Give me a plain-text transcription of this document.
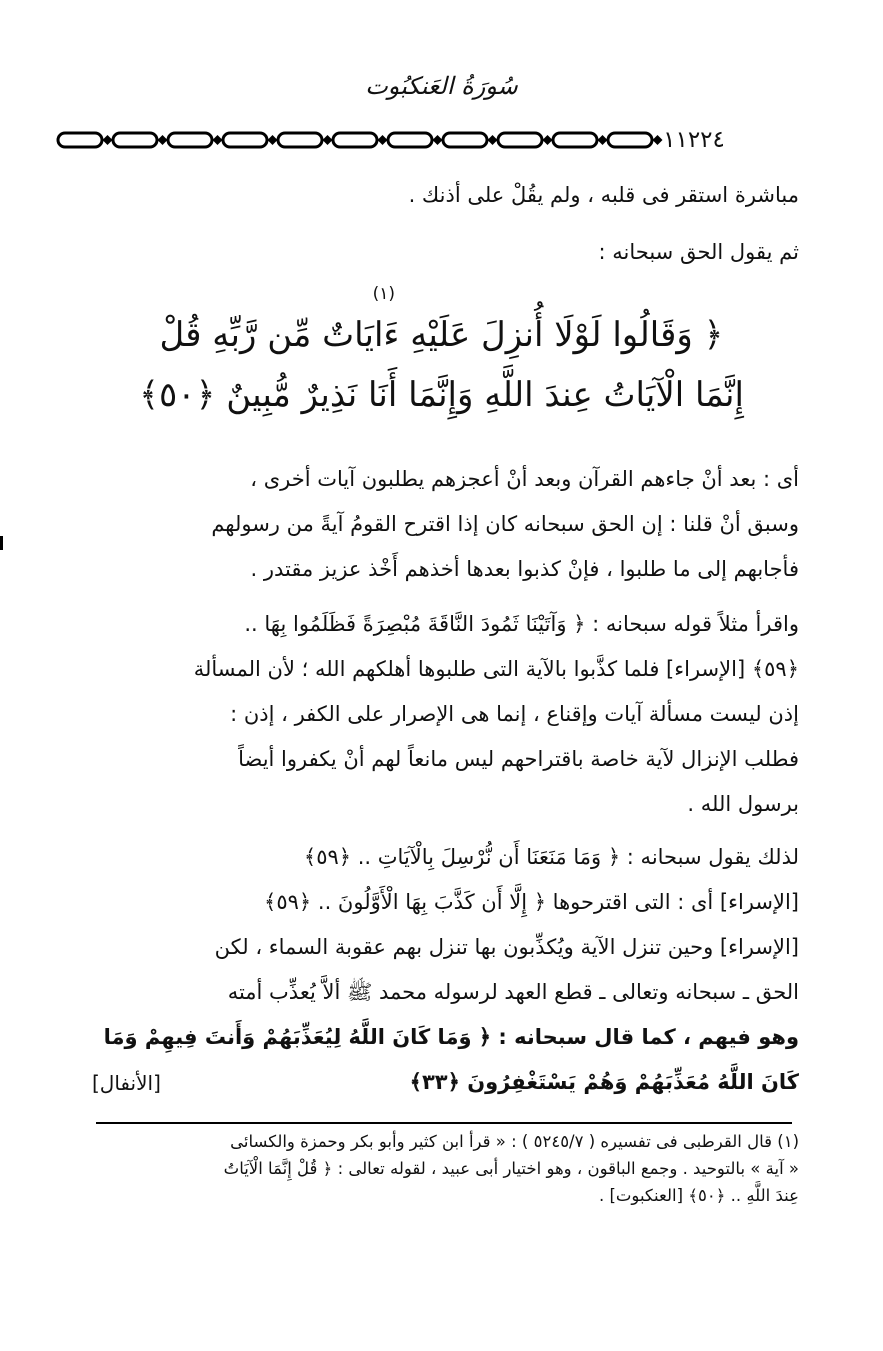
سُورَةُ العَنكبُوت
١١٢٢٤
مباشرة استقر فى قلبه ، ولم يقُلْ على أذنك .
ثم يقول الحق سبحانه :
(١)
﴿ وَقَالُوا لَوْلَا أُنزِلَ عَلَيْهِ ءَايَاتٌ مِّن رَّبِّهِ قُلْ
إِنَّمَا الْآيَاتُ عِندَ اللَّهِ وَإِنَّمَا أَنَا نَذِيرٌ مُّبِينٌ ﴿٥٠﴾
أى : بعد أنْ جاءهم القرآن وبعد أنْ أعجزهم يطلبون آيات أخرى ،
وسبق أنْ قلنا : إن الحق سبحانه كان إذا اقترح القومُ آيةً من رسولهم
فأجابهم إلى ما طلبوا ، فإنْ كذبوا بعدها أخذهم أَخْذ عزيز مقتدر .
واقرأ مثلاً قوله سبحانه : ﴿ وَآتَيْنَا ثَمُودَ النَّاقَةَ مُبْصِرَةً فَظَلَمُوا بِهَا ..
﴿٥٩﴾ [الإسراء] فلما كذَّبوا بالآية التى طلبوها أهلكهم الله ؛ لأن المسألة
إذن ليست مسألة آيات وإقناع ، إنما هى الإصرار على الكفر ، إذن :
فطلب الإنزال لآية خاصة باقتراحهم ليس مانعاً لهم أنْ يكفروا أيضاً
برسول الله .
لذلك يقول سبحانه : ﴿ وَمَا مَنَعَنَا أَن نُّرْسِلَ بِالْآيَاتِ .. ﴿٥٩﴾
[الإسراء] أى : التى اقترحوها ﴿ إِلَّا أَن كَذَّبَ بِهَا الْأَوَّلُونَ .. ﴿٥٩﴾
[الإسراء] وحين تنزل الآية ويُكذِّبون بها تنزل بهم عقوبة السماء ، لكن
الحق ـ سبحانه وتعالى ـ قطع العهد لرسوله محمد ﷺ ألاَّ يُعذِّب أمته
وهو فيهم ، كما قال سبحانه : ﴿ وَمَا كَانَ اللَّهُ لِيُعَذِّبَهُمْ وَأَنتَ فِيهِمْ وَمَا
كَانَ اللَّهُ مُعَذِّبَهُمْ وَهُمْ يَسْتَغْفِرُونَ ﴿٣٣﴾
[الأنفال]
(١) قال القرطبى فى تفسيره ( ٥٢٤٥/٧ ) : « قرأ ابن كثير وأبو بكر وحمزة والكسائى
« آية » بالتوحيد . وجمع الباقون ، وهو اختيار أبى عبيد ، لقوله تعالى : ﴿ قُلْ إِنَّمَا الْآيَاتُ
عِندَ اللَّهِ .. ﴿٥٠﴾ [العنكبوت] .
